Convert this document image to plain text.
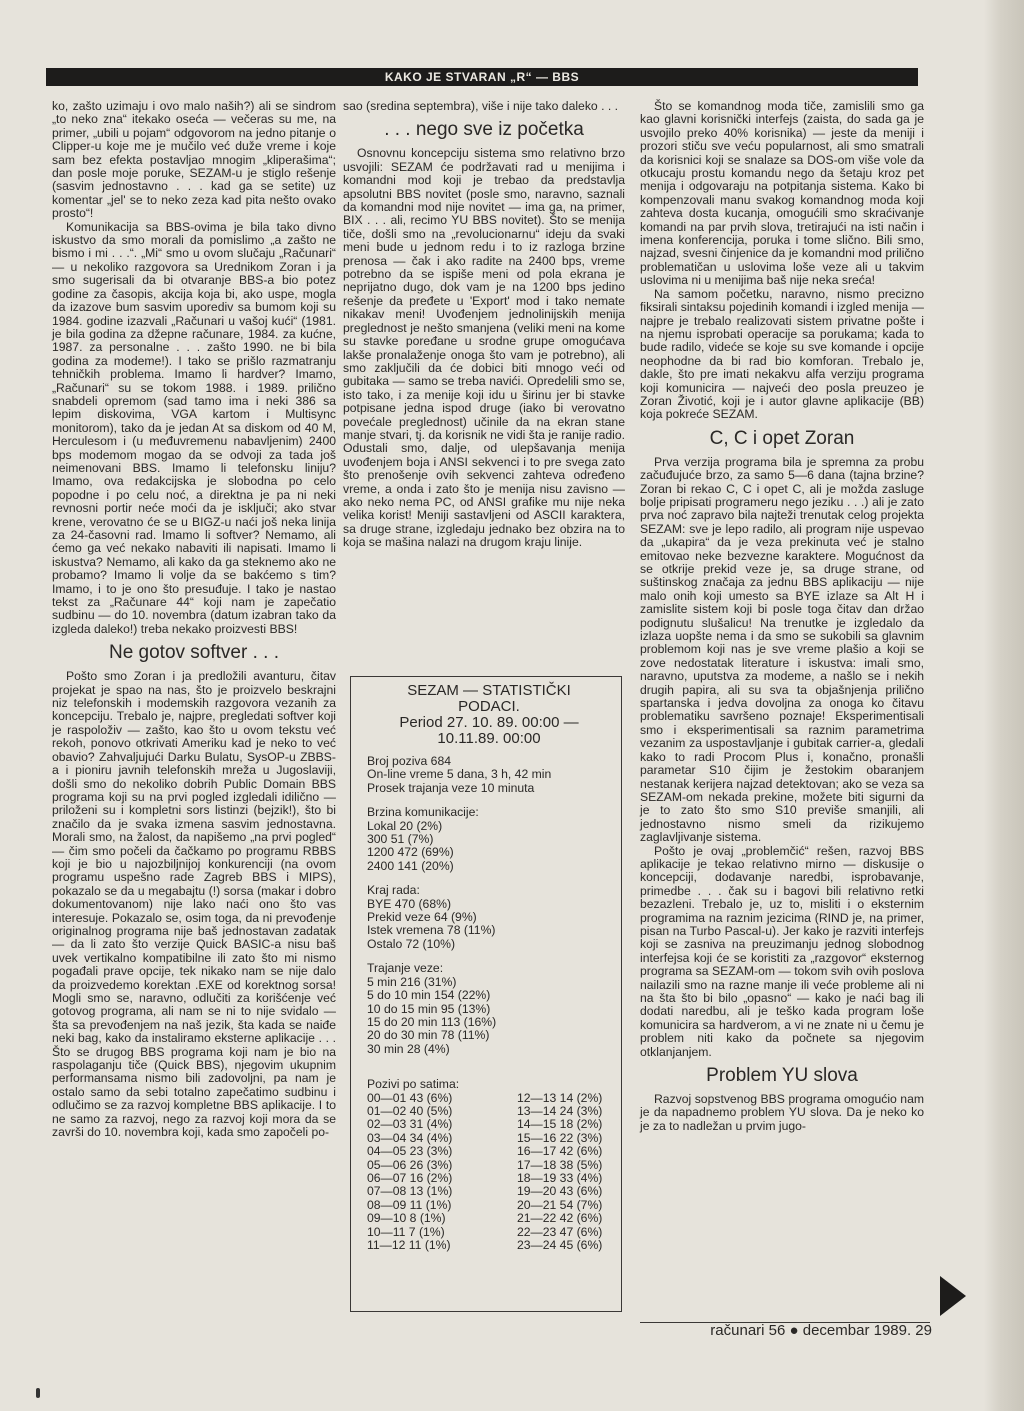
KAKO JE STVARAN „R“ — BBS

ko, zašto uzimaju i ovo malo naših?) ali se sindrom „to neko zna“ itekako oseća — večeras su me, na primer, „ubili u pojam“ odgovorom na jedno pitanje o Clipper-u koje me je mučilo već duže vreme i koje sam bez efekta postavljao mnogim „kliperašima“; dan posle moje poruke, SEZAM-u je stiglo rešenje (sasvim jednostavno . . . kad ga se setite) uz komentar „jel' se to neko zeza kad pita nešto ovako prosto“!

Komunikacija sa BBS-ovima je bila tako divno iskustvo da smo morali da pomislimo „a zašto ne bismo i mi . . .“. „Mi“ smo u ovom slučaju „Računari“ — u nekoliko razgovora sa Urednikom Zoran i ja smo sugerisali da bi otvaranje BBS-a bio potez godine za časopis, akcija koja bi, ako uspe, mogla da izazove bum sasvim uporediv sa bumom koji su 1984. godine izazvali „Računari u vašoj kući“ (1981. je bila godina za džepne računare, 1984. za kućne, 1987. za personalne . . . zašto 1990. ne bi bila godina za modeme!). I tako se prišlo razmatranju tehničkih problema. Imamo li hardver? Imamo, „Računari“ su se tokom 1988. i 1989. prilično snabdeli opremom (sad tamo ima i neki 386 sa lepim diskovima, VGA kartom i Multisync monitorom), tako da je jedan At sa diskom od 40 M, Herculesom i (u međuvremenu nabavljenim) 2400 bps modemom mogao da se odvoji za tada još neimenovani BBS. Imamo li telefonsku liniju? Imamo, ova redakcijska je slobodna po celo popodne i po celu noć, a direktna je pa ni neki revnosni portir neće moći da je isključi; ako stvar krene, verovatno će se u BIGZ-u naći još neka linija za 24-časovni rad. Imamo li softver? Nemamo, ali ćemo ga već nekako nabaviti ili napisati. Imamo li iskustva? Nemamo, ali kako da ga steknemo ako ne probamo? Imamo li volje da se bakćemo s tim? Imamo, i to je ono što presuđuje. I tako je nastao tekst za „Računare 44“ koji nam je zapečatio sudbinu — do 10. novembra (datum izabran tako da izgleda daleko!) treba nekako proizvesti BBS!

Ne gotov softver . . .

Pošto smo Zoran i ja predložili avanturu, čitav projekat je spao na nas, što je proizvelo beskrajni niz telefonskih i modemskih razgovora vezanih za koncepciju. Trebalo je, najpre, pregledati softver koji je raspoloživ — zašto, kao što u ovom tekstu već rekoh, ponovo otkrivati Ameriku kad je neko to već obavio? Zahvaljujući Darku Bulatu, SysOP-u ZBBS-a i pioniru javnih telefonskih mreža u Jugoslaviji, došli smo do nekoliko dobrih Public Domain BBS programa koji su na prvi pogled izgledali idilično — priloženi su i kompletni sors listinzi (bejzik!), što bi značilo da je svaka izmena sasvim jednostavna. Morali smo, na žalost, da napišemo „na prvi pogled“ — čim smo počeli da čačkamo po programu RBBS koji je bio u najozbiljnijoj konkurenciji (na ovom programu uspešno rade Zagreb BBS i MIPS), pokazalo se da u megabajtu (!) sorsa (makar i dobro dokumentovanom) nije lako naći ono što vas interesuje. Pokazalo se, osim toga, da ni prevođenje originalnog programa nije baš jednostavan zadatak — da li zato što verzije Quick BASIC-a nisu baš uvek vertikalno kompatibilne ili zato što mi nismo pogađali prave opcije, tek nikako nam se nije dalo da proizvedemo korektan .EXE od korektnog sorsa! Mogli smo se, naravno, odlučiti za korišćenje već gotovog programa, ali nam se ni to nije svidalo — šta sa prevođenjem na naš jezik, šta kada se naiđe neki bag, kako da instaliramo eksterne aplikacije . . . Što se drugog BBS programa koji nam je bio na raspolaganju tiče (Quick BBS), njegovim ukupnim performansama nismo bili zadovoljni, pa nam je ostalo samo da sebi totalno zapečatimo sudbinu i odlučimo se za razvoj kompletne BBS aplikacije. I to ne samo za razvoj, nego za razvoj koji mora da se završi do 10. novembra koji, kada smo započeli po-

sao (sredina septembra), više i nije tako daleko . . .

. . . nego sve iz početka

Osnovnu koncepciju sistema smo relativno brzo usvojili: SEZAM će podržavati rad u menijima i komandni mod koji je trebao da predstavlja apsolutni BBS novitet (posle smo, naravno, saznali da komandni mod nije novitet — ima ga, na primer, BIX . . . ali, recimo YU BBS novitet). Što se menija tiče, došli smo na „revolucionarnu“ ideju da svaki meni bude u jednom redu i to iz razloga brzine prenosa — čak i ako radite na 2400 bps, vreme potrebno da se ispiše meni od pola ekrana je neprijatno dugo, dok vam je na 1200 bps jedino rešenje da pređete u 'Export' mod i tako nemate nikakav meni! Uvođenjem jednolinijskih menija preglednost je nešto smanjena (veliki meni na kome su stavke poređane u srodne grupe omogućava lakše pronalaženje onoga što vam je potrebno), ali smo zaključili da će dobici biti mnogo veći od gubitaka — samo se treba navići. Opredelili smo se, isto tako, i za menije koji idu u širinu jer bi stavke potpisane jedna ispod druge (iako bi verovatno povećale preglednost) učinile da na ekran stane manje stvari, tj. da korisnik ne vidi šta je ranije radio. Odustali smo, dalje, od ulepšavanja menija uvođenjem boja i ANSI sekvenci i to pre svega zato što prenošenje ovih sekvenci zahteva određeno vreme, a onda i zato što je menija nisu zavisno — ako neko nema PC, od ANSI grafike mu nije neka velika korist! Meniji sastavljeni od ASCII karaktera, sa druge strane, izgledaju jednako bez obzira na to koja se mašina nalazi na drugom kraju linije.

SEZAM — STATISTIČKI
PODACI.
Period 27. 10. 89. 00:00 —
10.11.89. 00:00
Broj poziva 684
On-line vreme 5 dana, 3 h, 42 min
Prosek trajanja veze 10 minuta
Brzina komunikacije:
Lokal 20 (2%)
300 51 (7%)
1200 472 (69%)
2400 141 (20%)
Kraj rada:
BYE 470 (68%)
Prekid veze 64 (9%)
Istek vremena 78 (11%)
Ostalo 72 (10%)
Trajanje veze:
5 min 216 (31%)
5 do 10 min 154 (22%)
10 do 15 min 95 (13%)
15 do 20 min 113 (16%)
20 do 30 min 78 (11%)
30 min 28 (4%)
Pozivi po satima:
00—01 43 (6%)
01—02 40 (5%)
02—03 31 (4%)
03—04 34 (4%)
04—05 23 (3%)
05—06 26 (3%)
06—07 16 (2%)
07—08 13 (1%)
08—09 11 (1%)
09—10 8 (1%)
10—11 7 (1%)
11—12 11 (1%)
12—13 14 (2%)
13—14 24 (3%)
14—15 18 (2%)
15—16 22 (3%)
16—17 42 (6%)
17—18 38 (5%)
18—19 33 (4%)
19—20 43 (6%)
20—21 54 (7%)
21—22 42 (6%)
22—23 47 (6%)
23—24 45 (6%)

Što se komandnog moda tiče, zamislili smo ga kao glavni korisnički interfejs (zaista, do sada ga je usvojilo preko 40% korisnika) — jeste da meniji i prozori stiču sve veću popularnost, ali smo smatrali da korisnici koji se snalaze sa DOS-om više vole da otkucaju prostu komandu nego da šetaju kroz pet menija i odgovaraju na potpitanja sistema. Kako bi kompenzovali manu svakog komandnog moda koji zahteva dosta kucanja, omogućili smo skraćivanje komandi na par prvih slova, tretirajući na isti način i imena konferencija, poruka i tome slično. Bili smo, najzad, svesni činjenice da je komandni mod prilično problematičan u uslovima loše veze ali u takvim uslovima ni u menijima baš nije neka sreća!

Na samom početku, naravno, nismo precizno fiksirali sintaksu pojedinih komandi i izgled menija — najpre je trebalo realizovati sistem privatne pošte i na njemu isprobati operacije sa porukama; kada to bude radilo, videće se koje su sve komande i opcije neophodne da bi rad bio komforan. Trebalo je, dakle, što pre imati nekakvu alfa verziju programa koji komunicira — najveći deo posla preuzeo je Zoran Životić, koji je i autor glavne aplikacije (BB) koja pokreće SEZAM.

C, C i opet Zoran

Prva verzija programa bila je spremna za probu začuđujuće brzo, za samo 5—6 dana (tajna brzine? Zoran bi rekao C, C i opet C, ali je možda zasluge bolje pripisati programeru nego jeziku . . .) ali je zato prva noć zapravo bila najteži trenutak celog projekta SEZAM: sve je lepo radilo, ali program nije uspevao da „ukapira“ da je veza prekinuta već je stalno emitovao neke bezvezne karaktere. Mogućnost da se otkrije prekid veze je, sa druge strane, od suštinskog značaja za jednu BBS aplikaciju — nije malo onih koji umesto sa BYE izlaze sa Alt H i zamislite sistem koji bi posle toga čitav dan držao podignutu slušalicu! Na trenutke je izgledalo da izlaza uopšte nema i da smo se sukobili sa glavnim problemom koji nas je sve vreme plašio a koji se zove nedostatak literature i iskustva: imali smo, naravno, uputstva za modeme, a našlo se i nekih drugih papira, ali su sva ta objašnjenja prilično spartanska i jedva dovoljna za onoga ko čitavu problematiku savršeno poznaje! Eksperimentisali smo i eksperimentisali sa raznim parametrima vezanim za uspostavljanje i gubitak carrier-a, gledali kako to radi Procom Plus i, konačno, pronašli parametar S10 čijim je žestokim obaranjem nestanak kerijera najzad detektovan; ako se veza sa SEZAM-om nekada prekine, možete biti sigurni da je to zato što smo S10 previše smanjili, ali jednostavno nismo smeli da rizikujemo zaglavljivanje sistema.

Pošto je ovaj „problemčić“ rešen, razvoj BBS aplikacije je tekao relativno mirno — diskusije o koncepciji, dodavanje naredbi, isprobavanje, primedbe . . . čak su i bagovi bili relativno retki bezazleni. Trebalo je, uz to, misliti i o eksternim programima na raznim jezicima (RIND je, na primer, pisan na Turbo Pascal-u). Jer kako je razviti interfejs koji se zasniva na preuzimanju jednog slobodnog interfejsa koji će se koristiti za „razgovor“ eksternog programa sa SEZAM-om — tokom svih ovih poslova nailazili smo na razne manje ili veće probleme ali ni na šta što bi bilo „opasno“ — kako je naći bag ili dodati naredbu, ali je teško kada program loše komunicira sa hardverom, a vi ne znate ni u čemu je problem niti kako da počnete sa njegovim otklanjanjem.

Problem YU slova

Razvoj sopstvenog BBS programa omogućio nam je da napadnemo problem YU slova. Da je neko ko je za to nadležan u prvim jugo-

računari 56 ● decembar 1989. 29
